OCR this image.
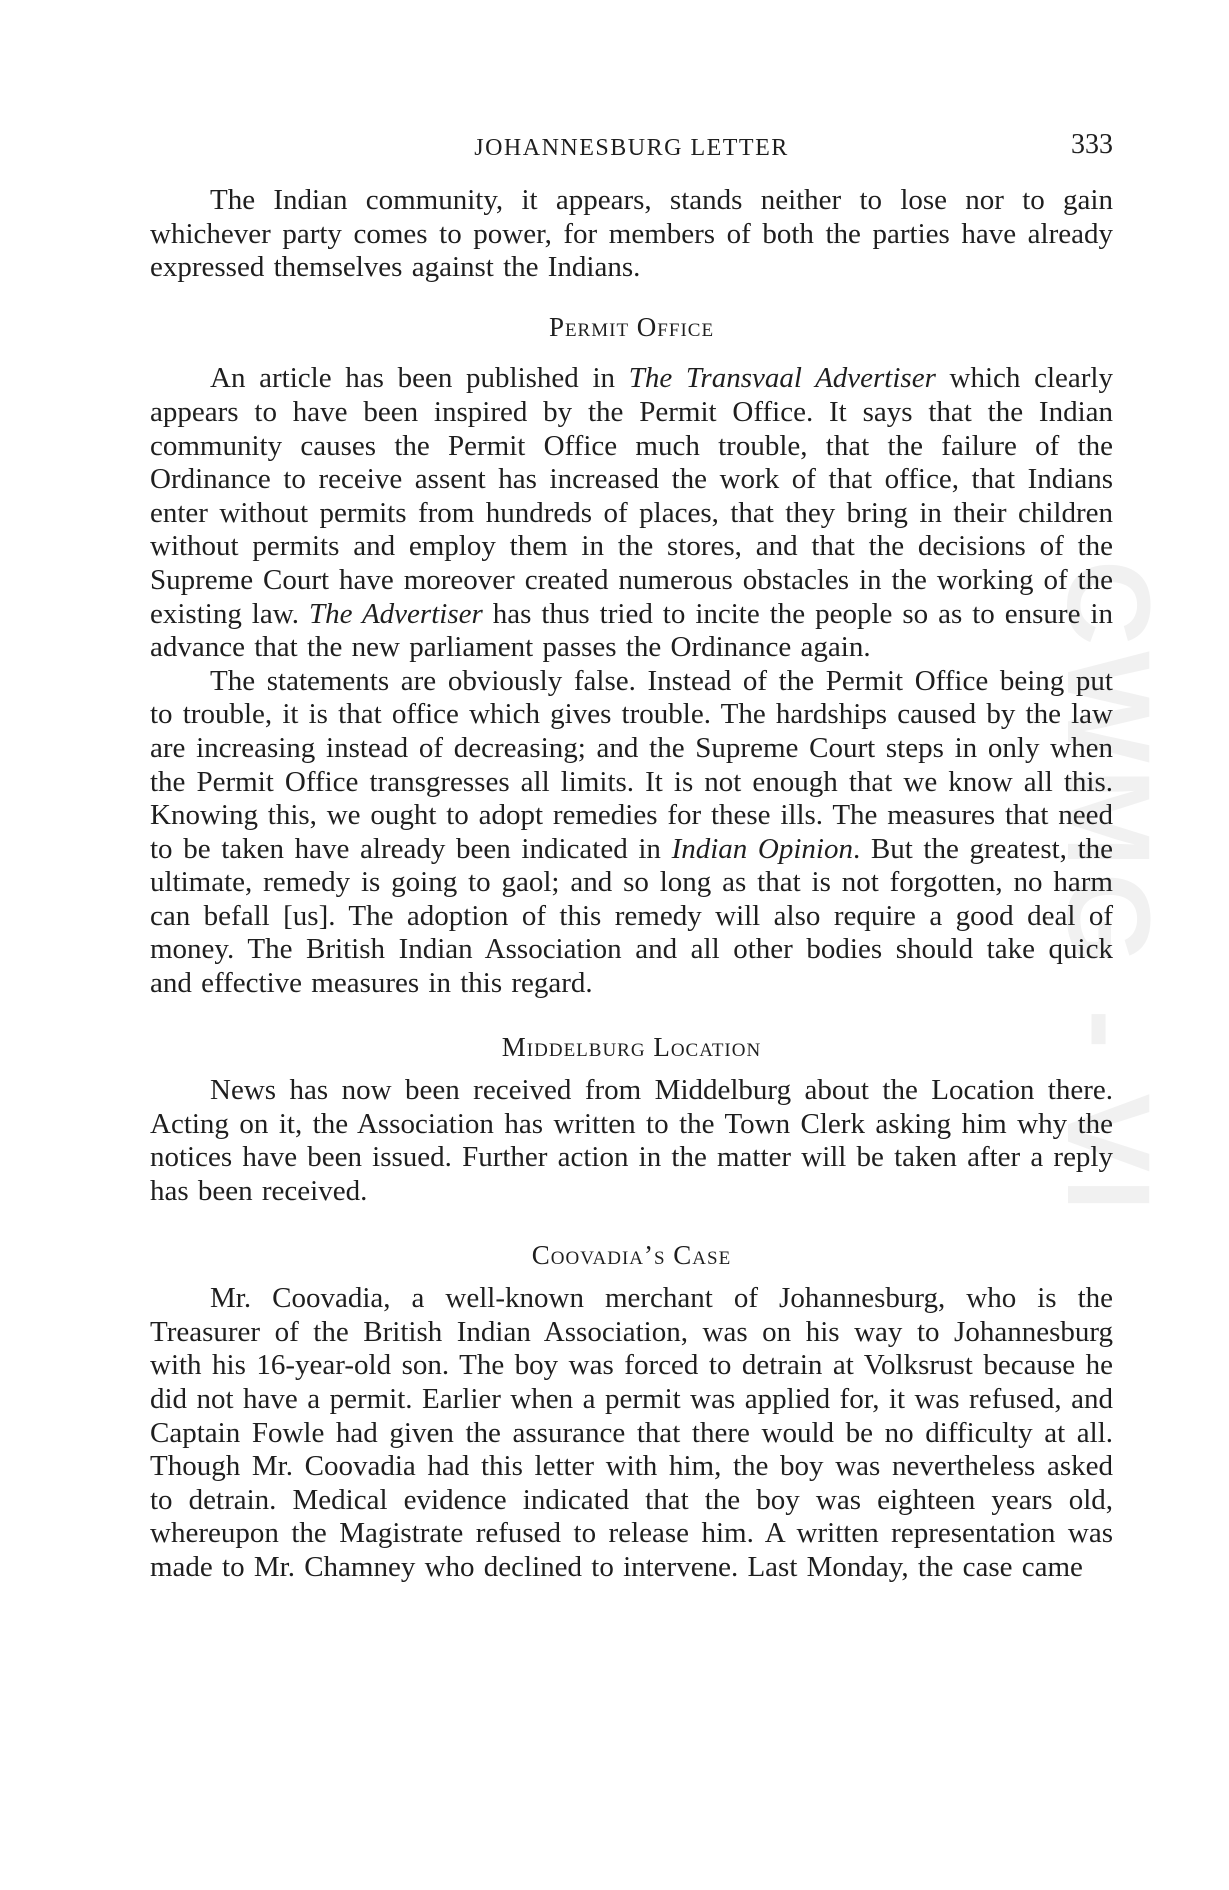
CWMG - VI
JOHANNESBURG LETTER	333

The Indian community, it appears, stands neither to lose nor to gain whichever party comes to power, for members of both the parties have already expressed themselves against the Indians.

Permit Office

An article has been published in The Transvaal Advertiser which clearly appears to have been inspired by the Permit Office. It says that the Indian community causes the Permit Office much trouble, that the failure of the Ordinance to receive assent has increased the work of that office, that Indians enter without permits from hundreds of places, that they bring in their children without permits and employ them in the stores, and that the decisions of the Supreme Court have moreover created numerous obstacles in the working of the existing law. The Advertiser has thus tried to incite the people so as to ensure in advance that the new parliament passes the Ordinance again.

The statements are obviously false. Instead of the Permit Office being put to trouble, it is that office which gives trouble. The hardships caused by the law are increasing instead of decreasing; and the Supreme Court steps in only when the Permit Office transgresses all limits. It is not enough that we know all this. Knowing this, we ought to adopt remedies for these ills. The measures that need to be taken have already been indicated in Indian Opinion. But the greatest, the ultimate, remedy is going to gaol; and so long as that is not forgotten, no harm can befall [us]. The adoption of this remedy will also require a good deal of money. The British Indian Association and all other bodies should take quick and effective measures in this regard.

Middelburg Location

News has now been received from Middelburg about the Location there. Acting on it, the Association has written to the Town Clerk asking him why the notices have been issued. Further action in the matter will be taken after a reply has been received.

Coovadia’s Case

Mr. Coovadia, a well-known merchant of Johannesburg, who is the Treasurer of the British Indian Association, was on his way to Johannesburg with his 16-year-old son. The boy was forced to detrain at Volksrust because he did not have a permit. Earlier when a permit was applied for, it was refused, and Captain Fowle had given the assurance that there would be no difficulty at all. Though Mr. Coovadia had this letter with him, the boy was nevertheless asked to detrain. Medical evidence indicated that the boy was eighteen years old, whereupon the Magistrate refused to release him. A written representation was made to Mr. Chamney who declined to intervene. Last Monday, the case came
